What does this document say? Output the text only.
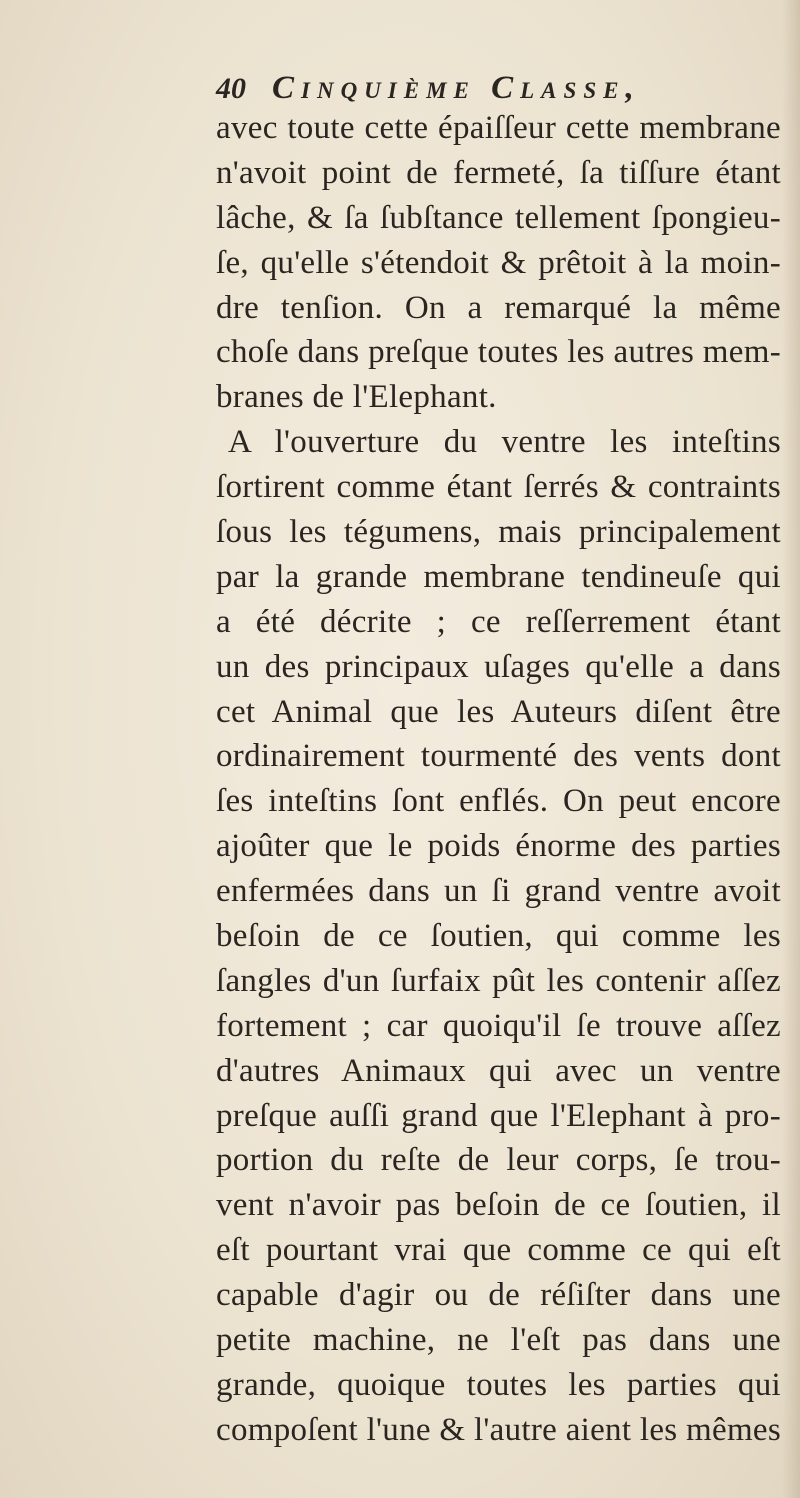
40 Cinquième Classe,
avec toute cette épaiſſeur cette membrane
n'avoit point de fermeté, ſa tiſſure étant
lâche, & ſa ſubſtance tellement ſpongieu-
ſe, qu'elle s'étendoit & prêtoit à la moin-
dre tenſion. On a remarqué la même
choſe dans preſque toutes les autres mem-
branes de l'Elephant.
A l'ouverture du ventre les inteſtins
ſortirent comme étant ſerrés & contraints
ſous les tégumens, mais principalement
par la grande membrane tendineuſe qui
a été décrite ; ce reſſerrement étant
un des principaux uſages qu'elle a dans
cet Animal que les Auteurs diſent être
ordinairement tourmenté des vents dont
ſes inteſtins ſont enflés. On peut encore
ajoûter que le poids énorme des parties
enfermées dans un ſi grand ventre avoit
beſoin de ce ſoutien, qui comme les
ſangles d'un ſurfaix pût les contenir aſſez
fortement ; car quoiqu'il ſe trouve aſſez
d'autres Animaux qui avec un ventre
preſque auſſi grand que l'Elephant à pro-
portion du reſte de leur corps, ſe trou-
vent n'avoir pas beſoin de ce ſoutien, il
eſt pourtant vrai que comme ce qui eſt
capable d'agir ou de réſiſter dans une
petite machine, ne l'eſt pas dans une
grande, quoique toutes les parties qui
compoſent l'une & l'autre aient les mêmes
